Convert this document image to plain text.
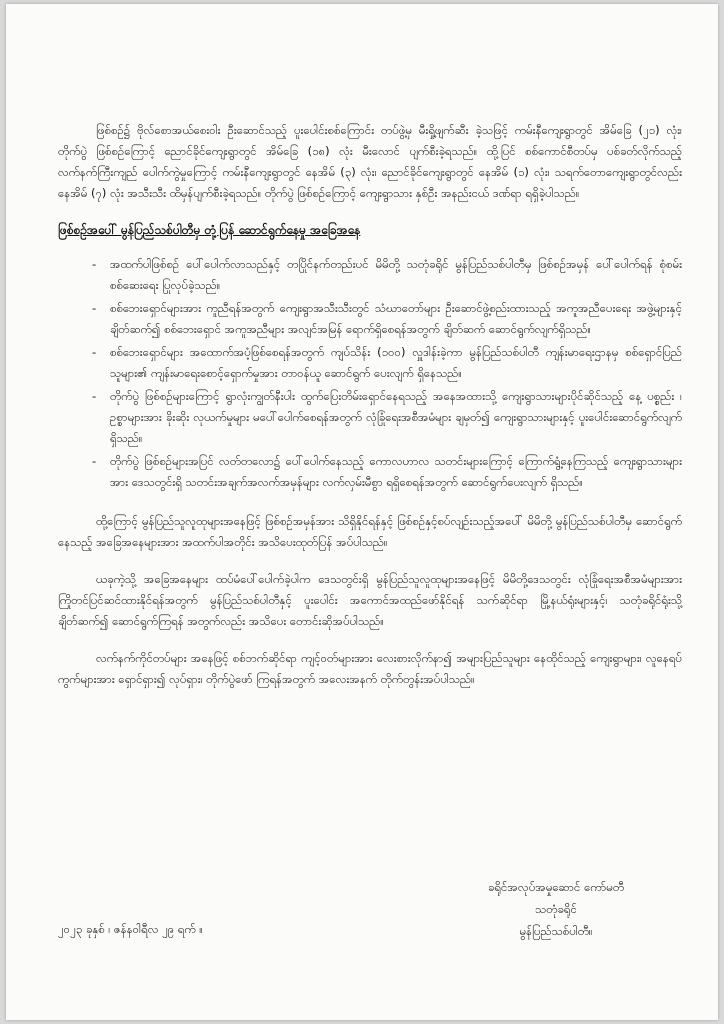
ဖြစ်စဉ်၌ ဗိုလ်စောအယ်စေးဝါး ဦးဆောင်သည့် ပူးပေါင်းစစ်ကြောင်း တပ်ဖွဲ့မှ မီးရှို့ဖျက်ဆီး ခဲ့သဖြင့် ကမ်းနီကျေးရွာတွင် အိမ်ခြေ (၂၁) လုံး၊ တိုက်ပွဲ ဖြစ်စဉ်ကြောင့် ညောင်ခိုင်ကျေးရွာတွင် အိမ်ခြေ (၁၈) လုံး မီးလောင် ပျက်စီးခဲ့ရသည်။ ထို့ပြင် စစ်ကောင်စီတပ်မှ ပစ်ခတ်လိုက်သည့် လက်နက်ကြီးကျည် ပေါက်ကွဲမှုကြောင့် ကမ်းနီကျေးရွာတွင် နေအိမ် (၃) လုံး၊ ညောင်ခိုင်ကျေးရွာတွင် နေအိမ် (၁) လုံး၊ သရက်တောကျေးရွာတွင်လည်း နေအိမ် (၇) လုံး အသီးသီး ထိမှန်ပျက်စီးခဲ့ရသည်။ တိုက်ပွဲ ဖြစ်စဉ်ကြောင့် ကျေးရွာသား နှစ်ဦး အနည်းငယ် ဒဏ်ရာ ရရှိခဲ့ပါသည်။

ဖြစ်စဉ်အပေါ် မွန်ပြည်သစ်ပါတီမှ တုံ့ပြန် ဆောင်ရွက်နေမှု အခြေအနေ
- အထက်ပါဖြစ်စဉ် ပေါ်ပေါက်လာသည်နှင့် တပြိုင်နက်တည်းပင် မိမိတို့ သတုံခရိုင် မွန်ပြည်သစ်ပါတီမှ ဖြစ်စဉ်အမှန် ပေါ်ပေါက်ရန် စုံစမ်းစစ်ဆေးရေး ပြုလုပ်ခဲ့သည်။
- စစ်ဘေးရှောင်များအား ကူညီရန်အတွက် ကျေးရွာအသီးသီးတွင် သံဃာတော်များ ဦးဆောင်ဖွဲ့စည်းထားသည့် အကူအညီပေးရေး အဖွဲ့များနှင့် ချိတ်ဆက်၍ စစ်ဘေးရှောင် အကူအညီများ အလျင်အမြန် ရောက်ရှိစေရန်အတွက် ချိတ်ဆက် ဆောင်ရွက်လျက်ရှိသည်။
- စစ်ဘေးရှောင်များ အထောက်အပံ့ဖြစ်စေရန်အတွက် ကျပ်သိန်း (၁၀၀) လှူဒါန်းခဲ့ကာ မွန်ပြည်သစ်ပါတီ ကျန်းမာရေးဌာနမှ စစ်ရှောင်ပြည်သူများ၏ ကျန်းမာရေးစောင့်ရှောက်မှုအား တာဝန်ယူ ဆောင်ရွက် ပေးလျက် ရှိနေသည်။
- တိုက်ပွဲ ဖြစ်စဉ်များကြောင့် ရွာလုံးကျွတ်နီးပါး ထွက်ပြေးတိမ်းရှောင်နေရသည့် အနေအထားသို့ ကျေးရွာသားများပိုင်ဆိုင်သည့် နေ့ ပစ္စည်း ၊ ဥစ္စာများအား ခိုးဆိုး လုယက်မှုများ မပေါ်ပေါက်စေရန်အတွက် လုံခြုံရေးအစီအမံများ ချမှတ်၍ ကျေးရွာသားများနှင့် ပူးပေါင်းဆောင်ရွက်လျက် ရှိသည်။
- တိုက်ပွဲ ဖြစ်စဉ်များအပြင် လတ်တလော၌ ပေါ်ပေါက်နေသည့် ကောလဟာလ သတင်းများကြောင့် ကြောက်ရွံ့နေကြသည့် ကျေးရွာသားများအား ဒေသတွင်းရှိ သတင်းအချက်အလက်အမှန်များ လက်လှမ်းမီစွာ ရရှိစေရန်အတွက် ဆောင်ရွက်ပေးလျက် ရှိသည်။

ထို့ကြောင့် မွန်ပြည်သူလူထုများအနေဖြင့် ဖြစ်စဉ်အမှန်အား သိရှိနိုင်ရန်နှင့် ဖြစ်စဉ်နှင့်စပ်လျဉ်းသည့်အပေါ် မိမိတို့ မွန်ပြည်သစ်ပါတီမှ ဆောင်ရွက်နေသည့် အခြေအနေများအား အထက်ပါအတိုင်း အသိပေးထုတ်ပြန် အပ်ပါသည်။

ယခုကဲ့သို့ အခြေအနေများ ထပ်မံပေါ်ပေါက်ခဲ့ပါက ဒေသတွင်းရှိ မွန်ပြည်သူလူထုများအနေဖြင့် မိမိတို့ဒေသတွင်း လုံခြုံရေးအစီအမံများအား ကြိုတင်ပြင်ဆင်ထားနိုင်ရန်အတွက် မွန်ပြည်သစ်ပါတီနှင့် ပူးပေါင်း အကောင်အထည်ဖော်နိုင်ရန် သက်ဆိုင်ရာ မြို့နယ်ရုံးများနှင့်၊ သတုံခရိုင်ရုံးသို့ ချိတ်ဆက်၍ ဆောင်ရွက်ကြရန် အတွက်လည်း အသိပေး တောင်းဆိုအပ်ပါသည်။

လက်နက်ကိုင်တပ်များ အနေဖြင့် စစ်ဘက်ဆိုင်ရာ ကျင့်ဝတ်များအား လေးစားလိုက်နာ၍ အများပြည်သူများ နေထိုင်သည့် ကျေးရွာများ၊ လူနေရပ်ကွက်များအား ရှောင်ရှား၍ လုပ်ရှား၊ တိုက်ပွဲဖော် ကြရန်အတွက် အလေးအနက် တိုက်တွန်းအပ်ပါသည်။

ခရိုင်အလုပ်အမှုဆောင် ကော်မတီ
သတုံခရိုင်
မွန်ပြည်သစ်ပါတီ။
၂၀၂၃ ခုနှစ် ၊ ဇန်နဝါရီလ ၂၉ ရက် ။
